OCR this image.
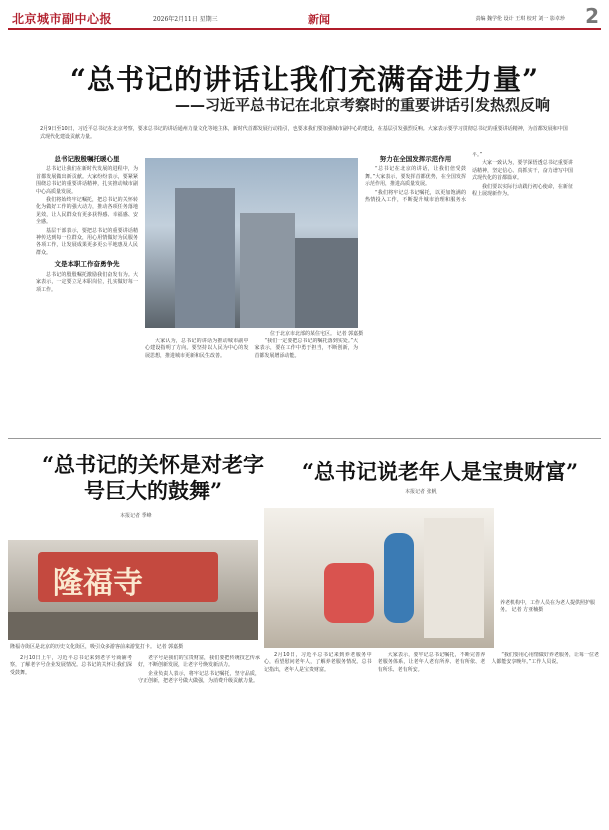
北京城市副中心报	2026年2月11日 星期三	新闻	责编 魏学伦 设计 王琪 校对 刘一 影卓珍 2
“总书记的讲话让我们充满奋进力量”
——习近平总书记在北京考察时的重要讲话引发热烈反响
2月9日至10日，习近平总书记在北京考察，要求总书记的讲话通州力量文化等地主体，新时代首都发展行动指引，也要求我们要加强城市副中心的建设，在基层引发强烈反响。大家表示要学习贯彻总书记的重要讲话精神，为首都发展和中国式现代化建设贡献力量。
总书记殷殷嘱托暖心里

总书记让我们在新时代发展的进程中，为首都发展做出新贡献。大家纷纷表示，要紧紧围绕总书记的重要讲话精神，扎实推动城市副中心高质量发展。

我们将始终牢记嘱托，把总书记的关怀转化为做好工作的强大动力，推动各项任务落地见效，让人民群众有更多获得感、幸福感、安全感。

基层干部表示，要把总书记的重要讲话精神传达到每一位群众，用心用情做好为民服务各项工作，让发展成果更多更公平地惠及人民群众。

文是本职工作奋勇争先

总书记的殷殷嘱托激励我们奋发有为。大家表示，一定要立足本职岗位，扎实做好每一项工作。

位于北京市北部的某住宅区。 记者 郭嘉摄

大家认为，总书记的讲话为推动城市副中心建设指明了方向。要坚持以人民为中心的发展思想，推进城市更新和民生改善。

“我们一定要把总书记的嘱托落到实处。”大家表示，要在工作中勇于担当，不断创新，为首都发展增添动能。

努力在全国发挥示范作用

“总书记在北京的讲话，让我们倍受鼓舞。”大家表示，要发挥首都优势，在全国发挥示范作用，推进高质量发展。

“我们将牢记总书记嘱托，以更加饱满的热情投入工作，不断提升城市治理和服务水平。”

大家一致认为，要学深悟透总书记重要讲话精神，坚定信心、真抓实干，奋力谱写中国式现代化的首都篇章。

我们要以实际行动践行初心使命，在新征程上展现新作为。

“总书记的关怀是对老字号巨大的鼓舞”
本报记者 季峰
隆福寺
隆福寺街区是北京的历史文化街区，吸引众多游客前来游览打卡。 记者 郭嘉摄

2月10日上午，习近平总书记来到老字号商铺考察，了解老字号企业发展情况。总书记的关怀让我们深受鼓舞。

老字号是我们的宝贵财富，我们要把传统技艺传承好，不断创新发展，让老字号焕发新活力。

企业负责人表示，将牢记总书记嘱托，坚守品质，守正创新，把老字号做大做强，为消费升级贡献力量。

“总书记说老年人是宝贵财富”
本报记者 张帆
养老机构中，工作人员在为老人提供照护服务。 记者 方亚楠摄

2月10日，习近平总书记来到养老服务中心，看望慰问老年人，了解养老服务情况。总书记指出，老年人是宝贵财富。

大家表示，要牢记总书记嘱托，不断完善养老服务体系，让老年人老有所养、老有所依、老有所乐、老有所安。

“我们要用心用情做好养老服务，让每一位老人都能安享晚年。”工作人员说。
